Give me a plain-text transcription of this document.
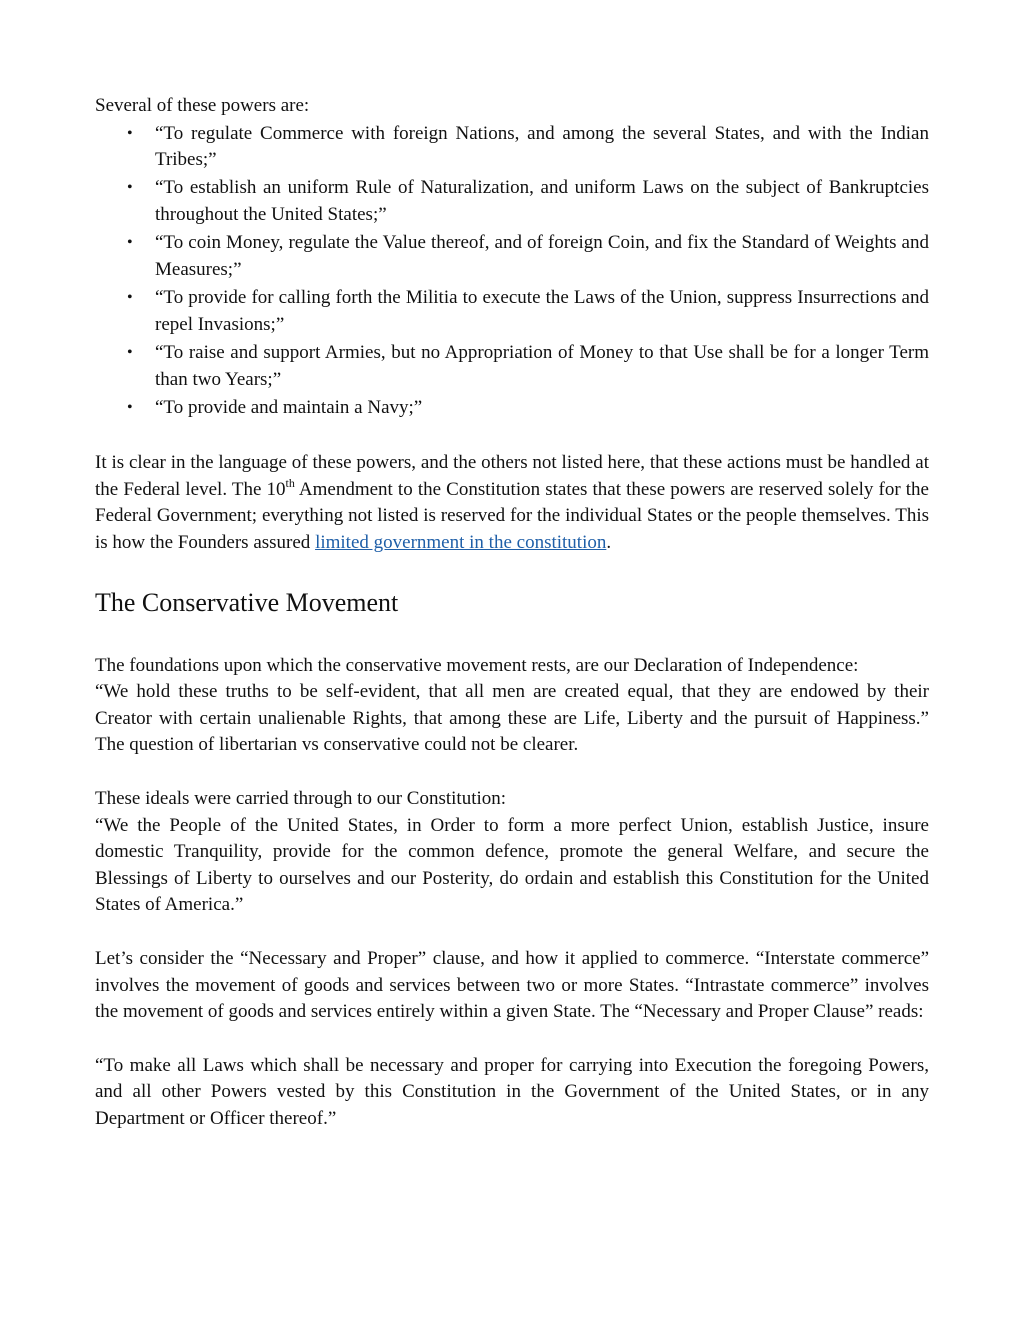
Several of these powers are:

• “To regulate Commerce with foreign Nations, and among the several States, and with the Indian Tribes;”
• “To establish an uniform Rule of Naturalization, and uniform Laws on the subject of Bankruptcies throughout the United States;”
• “To coin Money, regulate the Value thereof, and of foreign Coin, and fix the Standard of Weights and Measures;”
• “To provide for calling forth the Militia to execute the Laws of the Union, suppress Insurrections and repel Invasions;”
• “To raise and support Armies, but no Appropriation of Money to that Use shall be for a longer Term than two Years;”
• “To provide and maintain a Navy;”

It is clear in the language of these powers, and the others not listed here, that these actions must be handled at the Federal level. The 10th Amendment to the Constitution states that these powers are reserved solely for the Federal Government; everything not listed is reserved for the individual States or the people themselves. This is how the Founders assured limited government in the constitution.

The Conservative Movement

The foundations upon which the conservative movement rests, are our Declaration of Independence:

“We hold these truths to be self-evident, that all men are created equal, that they are endowed by their Creator with certain unalienable Rights, that among these are Life, Liberty and the pursuit of Happiness.” The question of libertarian vs conservative could not be clearer.

These ideals were carried through to our Constitution:

“We the People of the United States, in Order to form a more perfect Union, establish Justice, insure domestic Tranquility, provide for the common defence, promote the general Welfare, and secure the Blessings of Liberty to ourselves and our Posterity, do ordain and establish this Constitution for the United States of America.”

Let’s consider the “Necessary and Proper” clause, and how it applied to commerce. “Interstate commerce” involves the movement of goods and services between two or more States. “Intrastate commerce” involves the movement of goods and services entirely within a given State. The “Necessary and Proper Clause” reads:

“To make all Laws which shall be necessary and proper for carrying into Execution the foregoing Powers, and all other Powers vested by this Constitution in the Government of the United States, or in any Department or Officer thereof.”
